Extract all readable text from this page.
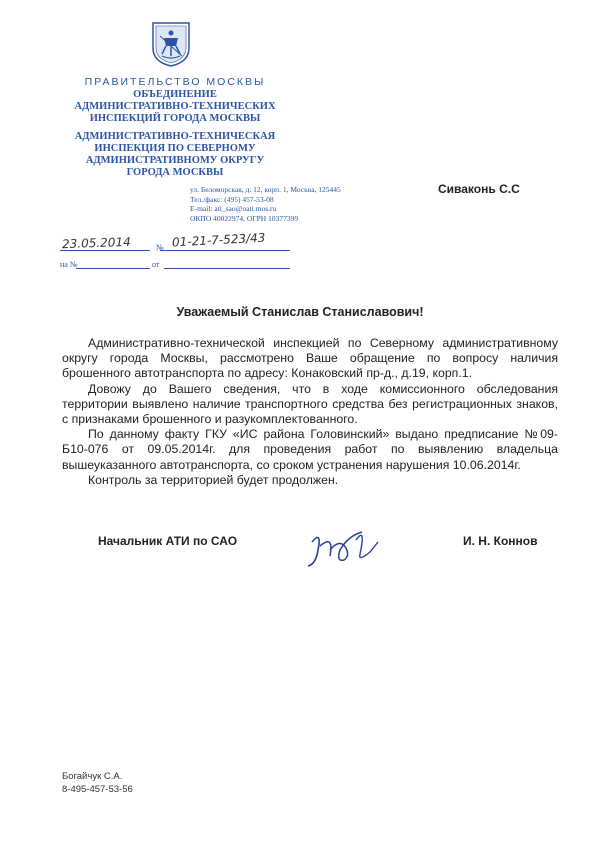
ПРАВИТЕЛЬСТВО МОСКВЫ
ОБЪЕДИНЕНИЕ
АДМИНИСТРАТИВНО-ТЕХНИЧЕСКИХ
ИНСПЕКЦИЙ ГОРОДА МОСКВЫ
АДМИНИСТРАТИВНО-ТЕХНИЧЕСКАЯ
ИНСПЕКЦИЯ ПО СЕВЕРНОМУ
АДМИНИСТРАТИВНОМУ ОКРУГУ
ГОРОДА МОСКВЫ
ул. Беломорская, д. 12, корп. 1, Москва, 125445
Тел./факс: (495) 457-53-08
E-mail: ati_sao@oati.mos.ru
ОКПО 40022974, ОГРН 10377399
Сиваконь С.С
23.05.2014	№ 01-21-7-523/43
на №	от
Уважаемый Станислав Станиславович!

Административно-технической инспекцией по Северному административному округу города Москвы, рассмотрено Ваше обращение по вопросу наличия брошенного автотранспорта по адресу: Конаковский пр-д., д.19, корп.1.

Довожу до Вашего сведения, что в ходе комиссионного обследования территории выявлено наличие транспортного средства без регистрационных знаков, с признаками брошенного и разукомплектованного.

По данному факту ГКУ «ИС района Головинский» выдано предписание №09-Б10-076 от 09.05.2014г. для проведения работ по выявлению владельца вышеуказанного автотранспорта, со сроком устранения нарушения 10.06.2014г.

Контроль за территорией будет продолжен.

Начальник АТИ по САО	И. Н. Коннов
Богайчук С.А.
8-495-457-53-56
